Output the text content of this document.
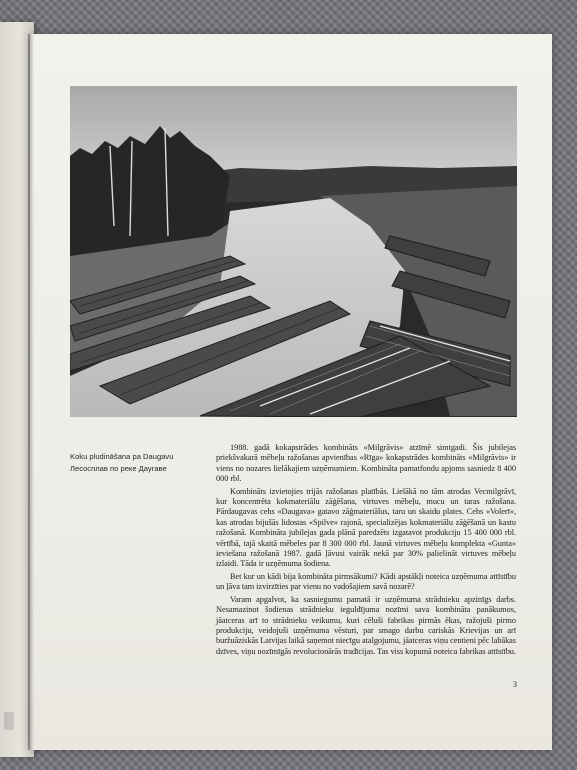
Koku pludināšana pa Daugavu
Лесосплав по реке Даугаве

1988. gadā kokapstrādes kombināts «Milgrāvis» atzīmē simtgadi. Šis jubilejas priekšvakarā mēbeļu ražošanas apvienības «Rīga» kokapstrādes kombināts «Milgrāvis» ir viens no nozares lielākajiem uzņēmumiem. Kombināta pamatfondu apjoms sasniedz 8 400 000 rbl.

Kombināts izvietojies trijās ražošanas platībās. Lielākā no tām atrodas Vecmilgrāvī, kur koncentrēta kokmateriālu zāģēšana, virtuves mēbeļu, mucu un taras ražošana. Pārdaugavas cehs «Daugava» gatavo zāģmateriālus, taru un skaidu plates. Cehs «Volerī», kas atrodas bijušās lidostas «Spilve» rajonā, specializējas kokmateriālu zāģēšanā un kastu ražošanā. Kombināta jubilejas gada plānā paredzēts izgatavot produkciju 15 400 000 rbl. vērtībā, tajā skaitā mēbeles par 8 300 000 rbl. Jaunā virtuves mēbeļu komplekta «Gunta» ieviešana ražošanā 1987. gadā ļāvusi vairāk nekā par 30% palielināt virtuves mēbeļu izlaidi. Tāda ir uzņēmuma šodiena.

Bet kur un kādi bija kombināta pirmsākumi? Kādi apstākļi noteica uzņēmuma attīstību un ļāva tam izvirzīties par vienu no vadošajiem savā nozarē?

Varam apgalvot, ka sasniegumu pamatā ir uzņēmuma strādnieku apzinīgs darbs. Nesamazinot šodienas strādnieku ieguldījuma nozīmi sava kombināta panākumos, jāatceras arī to strādnieku veikumu, kuri cēluši fabrikas pirmās ēkas, ražojuši pirmo produkciju, veidojuši uzņēmuma vēsturi, par smago darbu cariskās Krievijas un arī buržuāziskās Latvijas laikā saņemot niecīgu atalgojumu, jāatceras viņu centieni pēc labākas dzīves, viņu nozīmīgās revolucionārās tradīcijas. Tas viss kopumā noteica fabrikas attīstību.

3
